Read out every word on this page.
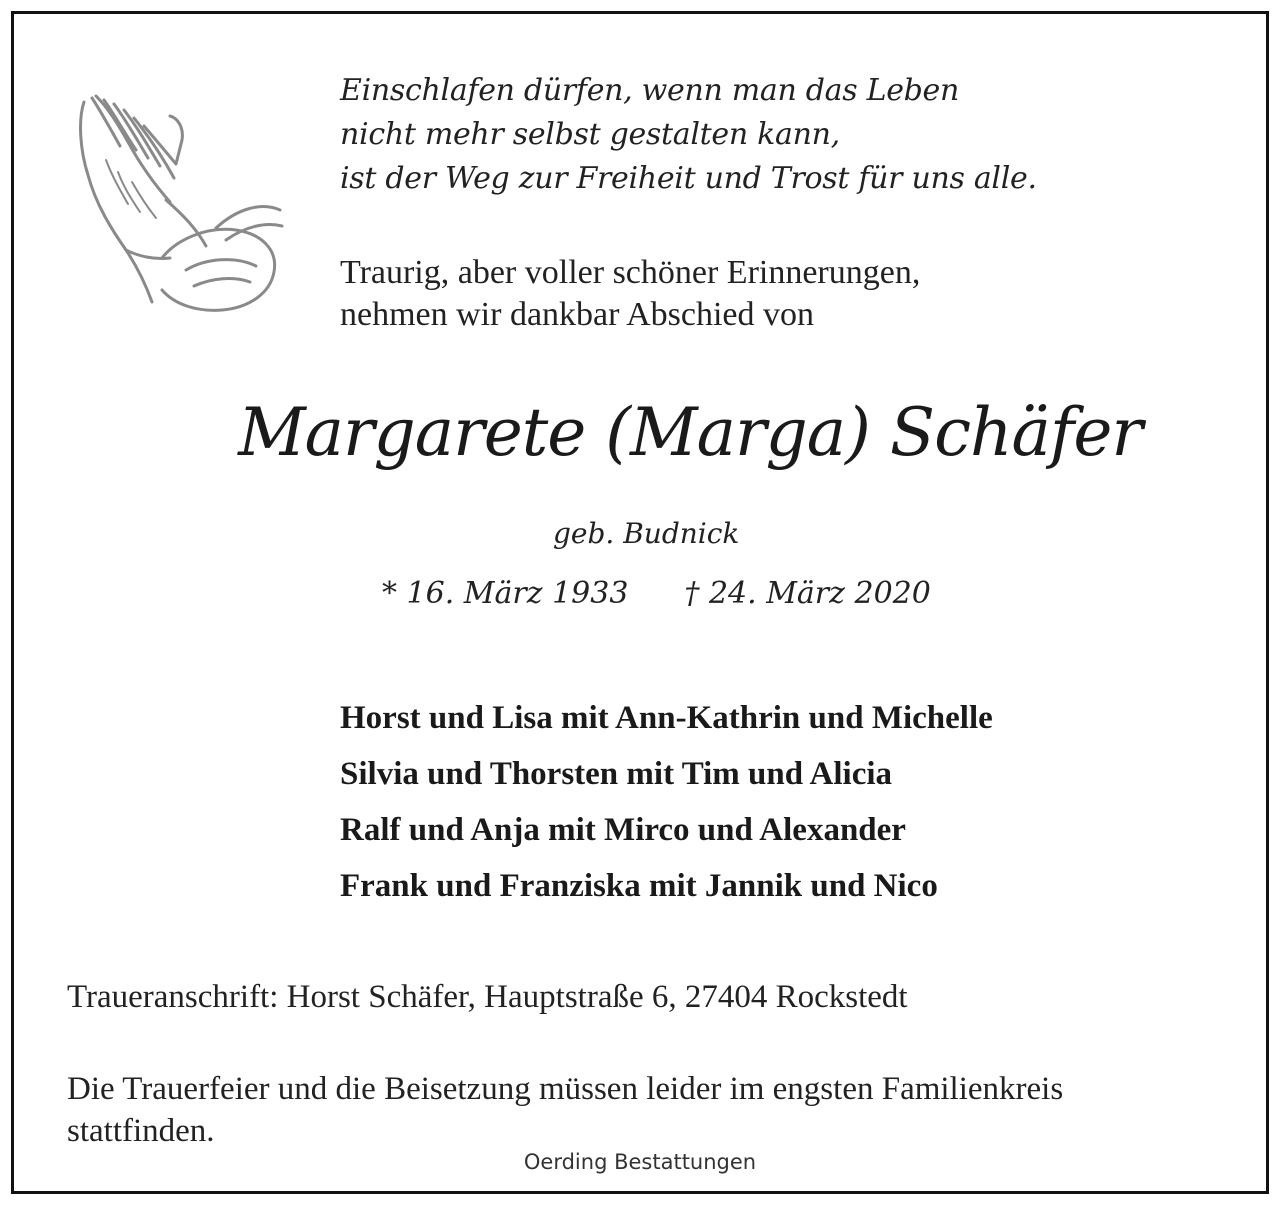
Einschlafen dürfen, wenn man das Leben
nicht mehr selbst gestalten kann,
ist der Weg zur Freiheit und Trost für uns alle.
Traurig, aber voller schöner Erinnerungen,
nehmen wir dankbar Abschied von
Margarete (Marga) Schäfer
geb. Budnick
* 16. März 1933 † 24. März 2020
Horst und Lisa mit Ann-Kathrin und Michelle
Silvia und Thorsten mit Tim und Alicia
Ralf und Anja mit Mirco und Alexander
Frank und Franziska mit Jannik und Nico
Traueranschrift: Horst Schäfer, Hauptstraße 6, 27404 Rockstedt
Die Trauerfeier und die Beisetzung müssen leider im engsten Familienkreis stattfinden.
Oerding Bestattungen
